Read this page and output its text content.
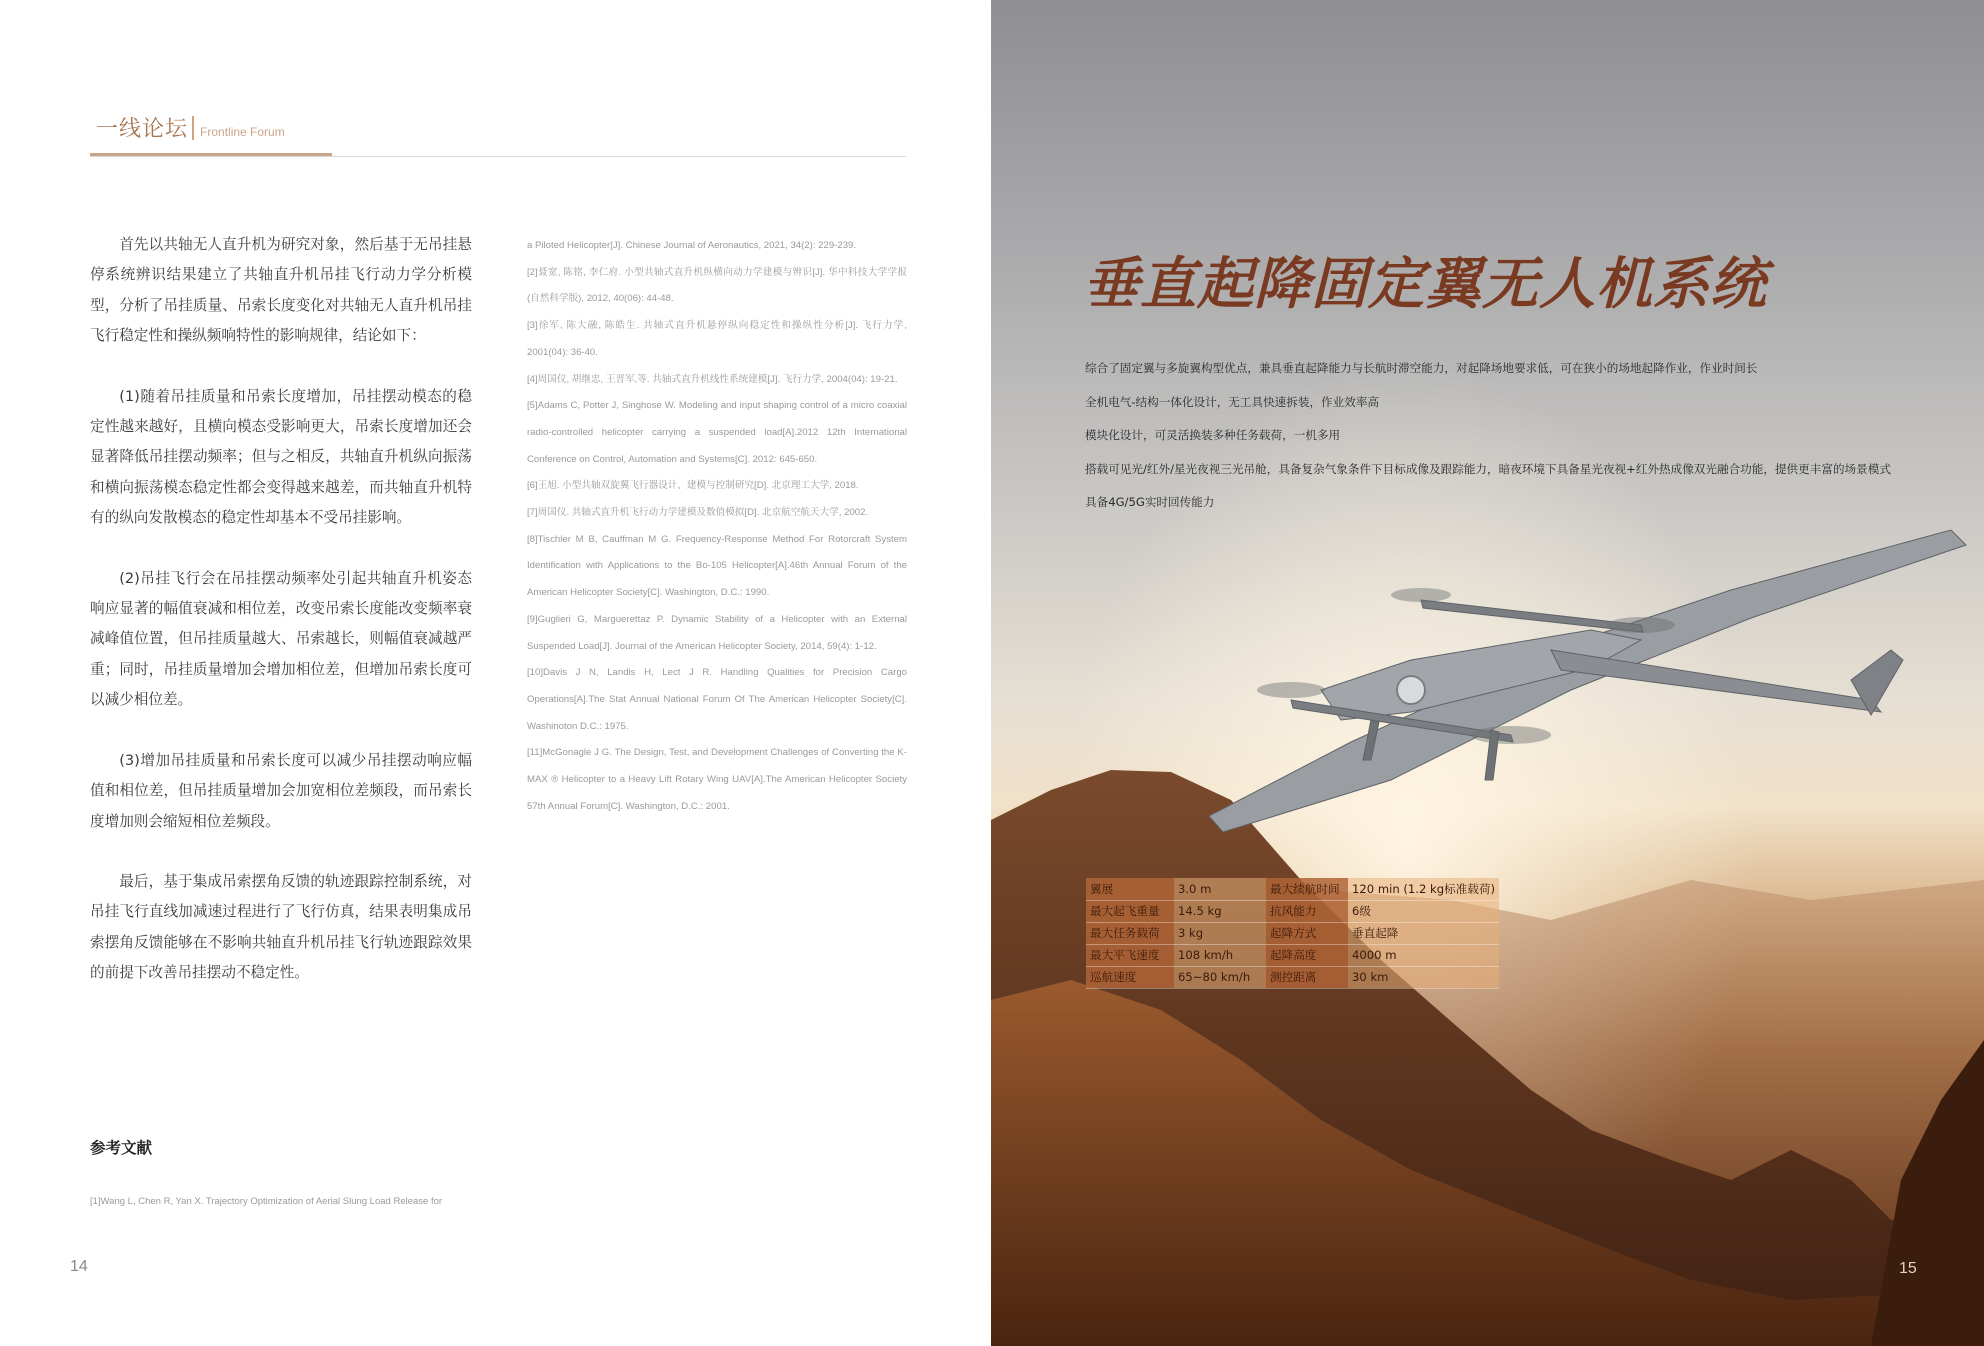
一线论坛 Frontline Forum

首先以共轴无人直升机为研究对象，然后基于无吊挂悬停系统辨识结果建立了共轴直升机吊挂飞行动力学分析模型，分析了吊挂质量、吊索长度变化对共轴无人直升机吊挂飞行稳定性和操纵频响特性的影响规律，结论如下：

(1)随着吊挂质量和吊索长度增加，吊挂摆动模态的稳定性越来越好，且横向模态受影响更大，吊索长度增加还会显著降低吊挂摆动频率；但与之相反，共轴直升机纵向振荡和横向振荡模态稳定性都会变得越来越差，而共轴直升机特有的纵向发散模态的稳定性却基本不受吊挂影响。

(2)吊挂飞行会在吊挂摆动频率处引起共轴直升机姿态响应显著的幅值衰减和相位差，改变吊索长度能改变频率衰减峰值位置，但吊挂质量越大、吊索越长，则幅值衰减越严重；同时，吊挂质量增加会增加相位差，但增加吊索长度可以减少相位差。

(3)增加吊挂质量和吊索长度可以减少吊挂摆动响应幅值和相位差，但吊挂质量增加会加宽相位差频段，而吊索长度增加则会缩短相位差频段。

最后，基于集成吊索摆角反馈的轨迹跟踪控制系统，对吊挂飞行直线加减速过程进行了飞行仿真，结果表明集成吊索摆角反馈能够在不影响共轴直升机吊挂飞行轨迹跟踪效果的前提下改善吊挂摆动不稳定性。

参考文献
[1]Wang L, Chen R, Yan X. Trajectory Optimization of Aerial Slung Load Release for

a Piloted Helicopter[J]. Chinese Journal of Aeronautics, 2021, 34(2): 229-239.

[2]聂宽, 陈铭, 李仁府. 小型共轴式直升机纵横向动力学建模与辨识[J]. 华中科技大学学报(自然科学版), 2012, 40(06): 44-48.

[3]徐军, 陈大融, 陈皓生. 共轴式直升机悬停纵向稳定性和操纵性分析[J]. 飞行力学, 2001(04): 36-40.

[4]周国仪, 胡继忠, 王晋军,等. 共轴式直升机线性系统建模[J]. 飞行力学, 2004(04): 19-21.

[5]Adams C, Potter J, Singhose W. Modeling and input shaping control of a micro coaxial radio-controlled helicopter carrying a suspended load[A].2012 12th International Conference on Control, Automation and Systems[C]. 2012: 645-650.

[6]王旭. 小型共轴双旋翼飞行器设计、建模与控制研究[D]. 北京理工大学, 2018.

[7]周国仪. 共轴式直升机飞行动力学建模及数值模拟[D]. 北京航空航天大学, 2002.

[8]Tischler M B, Cauffman M G. Frequency-Response Method For Rotorcraft System Identification with Applications to the Bo-105 Helicopter[A].46th Annual Forum of the American Helicopter Society[C]. Washington, D.C.: 1990.

[9]Guglieri G, Marguerettaz P. Dynamic Stability of a Helicopter with an External Suspended Load[J]. Journal of the American Helicopter Society, 2014, 59(4): 1-12.

[10]Davis J N, Landis H, Lect J R. Handling Qualities for Precision Cargo Operations[A].The Stat Annual National Forum Of The American Helicopter Society[C]. Washinoton D.C.: 1975.

[11]McGonagle J G. The Design, Test, and Development Challenges of Converting the K-MAX ® Helicopter to a Heavy Lift Rotary Wing UAV[A].The American Helicopter Society 57th Annual Forum[C]. Washington, D.C.: 2001.

14
垂直起降固定翼无人机系统
综合了固定翼与多旋翼构型优点，兼具垂直起降能力与长航时滞空能力，对起降场地要求低，可在狭小的场地起降作业，作业时间长
全机电气-结构一体化设计，无工具快速拆装，作业效率高
模块化设计，可灵活换装多种任务载荷，一机多用
搭载可见光/红外/星光夜视三光吊舱，具备复杂气象条件下目标成像及跟踪能力，暗夜环境下具备星光夜视+红外热成像双光融合功能，提供更丰富的场景模式
具备4G/5G实时回传能力
翼展	3.0 m	最大续航时间	120 min (1.2 kg标准载荷)
最大起飞重量	14.5 kg	抗风能力	6级
最大任务载荷	3 kg	起降方式	垂直起降
最大平飞速度	108 km/h	起降高度	4000 m
巡航速度	65~80 km/h	测控距离	30 km
15
